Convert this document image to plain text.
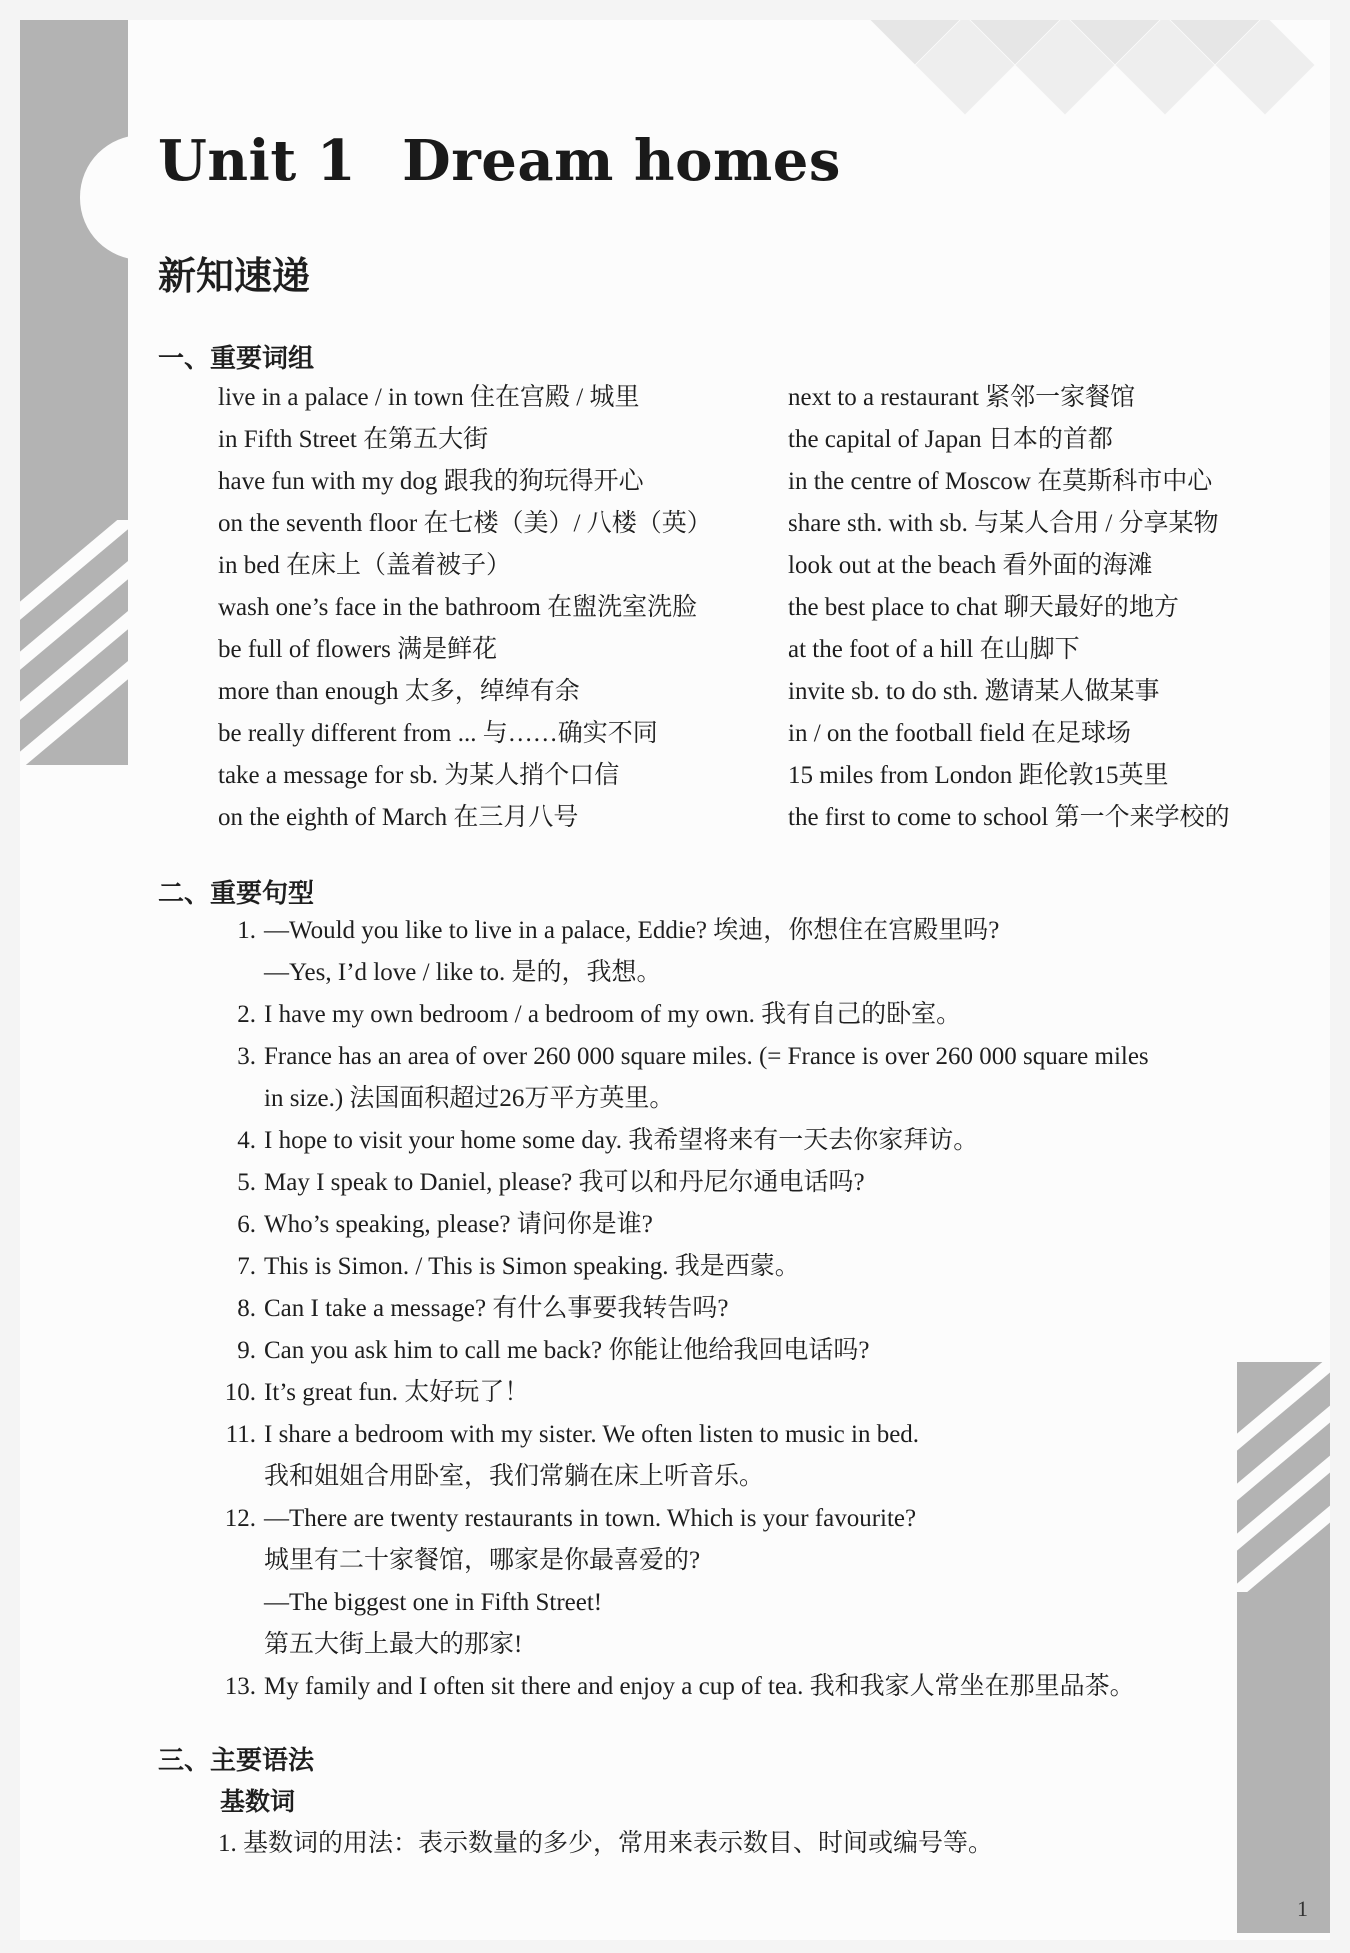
Unit 1 Dream homes
新知速递
一、重要词组
live in a palace / in town 住在宫殿 / 城里
in Fifth Street 在第五大街
have fun with my dog 跟我的狗玩得开心
on the seventh floor 在七楼（美）/ 八楼（英）
in bed 在床上（盖着被子）
wash one’s face in the bathroom 在盥洗室洗脸
be full of flowers 满是鲜花
more than enough 太多，绰绰有余
be really different from ... 与……确实不同
take a message for sb. 为某人捎个口信
on the eighth of March 在三月八号
next to a restaurant 紧邻一家餐馆
the capital of Japan 日本的首都
in the centre of Moscow 在莫斯科市中心
share sth. with sb. 与某人合用 / 分享某物
look out at the beach 看外面的海滩
the best place to chat 聊天最好的地方
at the foot of a hill 在山脚下
invite sb. to do sth. 邀请某人做某事
in / on the football field 在足球场
15 miles from London 距伦敦15英里
the first to come to school 第一个来学校的
二、重要句型
1. —Would you like to live in a palace, Eddie? 埃迪，你想住在宫殿里吗?
—Yes, I’d love / like to. 是的，我想。
2. I have my own bedroom / a bedroom of my own. 我有自己的卧室。
3. France has an area of over 260 000 square miles. (= France is over 260 000 square miles
in size.) 法国面积超过26万平方英里。
4. I hope to visit your home some day. 我希望将来有一天去你家拜访。
5. May I speak to Daniel, please? 我可以和丹尼尔通电话吗?
6. Who’s speaking, please? 请问你是谁?
7. This is Simon. / This is Simon speaking. 我是西蒙。
8. Can I take a message? 有什么事要我转告吗?
9. Can you ask him to call me back? 你能让他给我回电话吗?
10. It’s great fun. 太好玩了！
11. I share a bedroom with my sister. We often listen to music in bed.
我和姐姐合用卧室，我们常躺在床上听音乐。
12. —There are twenty restaurants in town. Which is your favourite?
城里有二十家餐馆，哪家是你最喜爱的?
—The biggest one in Fifth Street!
第五大街上最大的那家!
13. My family and I often sit there and enjoy a cup of tea. 我和我家人常坐在那里品茶。
三、主要语法
基数词
1. 基数词的用法：表示数量的多少，常用来表示数目、时间或编号等。
1
